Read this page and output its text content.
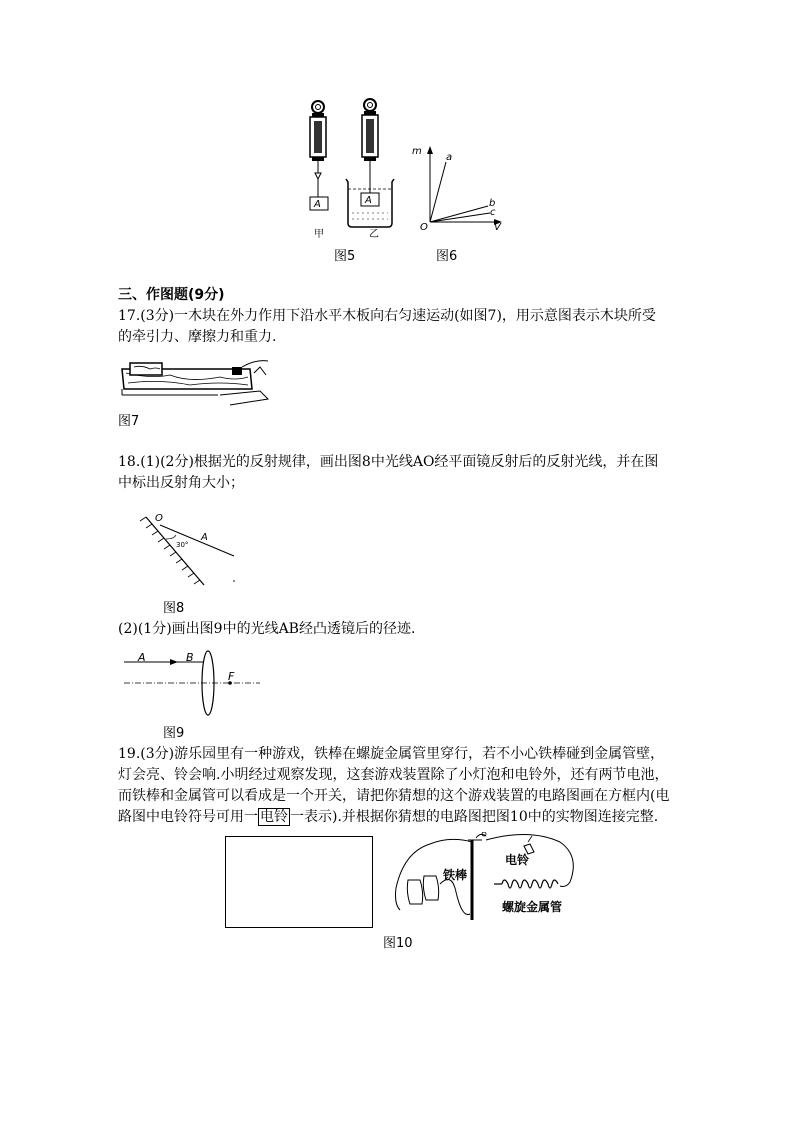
A	A
甲	乙
图5
m
a
b
c
O	V
图6
三、作图题(9分)
17.(3分)一木块在外力作用下沿水平木板向右匀速运动(如图7)，用示意图表示木块所受
的牵引力、摩擦力和重力.
图7
18.(1)(2分)根据光的反射规律，画出图8中光线AO经平面镜反射后的反射光线，并在图
中标出反射角大小；
O
A
30°
图8
(2)(1分)画出图9中的光线AB经凸透镜后的径迹.
A	B
F
图9
19.(3分)游乐园里有一种游戏，铁棒在螺旋金属管里穿行，若不小心铁棒碰到金属管壁，
灯会亮、铃会响.小明经过观察发现，这套游戏装置除了小灯泡和电铃外，还有两节电池，
而铁棒和金属管可以看成是一个开关，请把你猜想的这个游戏装置的电路图画在方框内(电
路图中电铃符号可用一 电铃 一表示).并根据你猜想的电路图把图10中的实物图连接完整.
铁棒
电铃
螺旋金属管
图10
